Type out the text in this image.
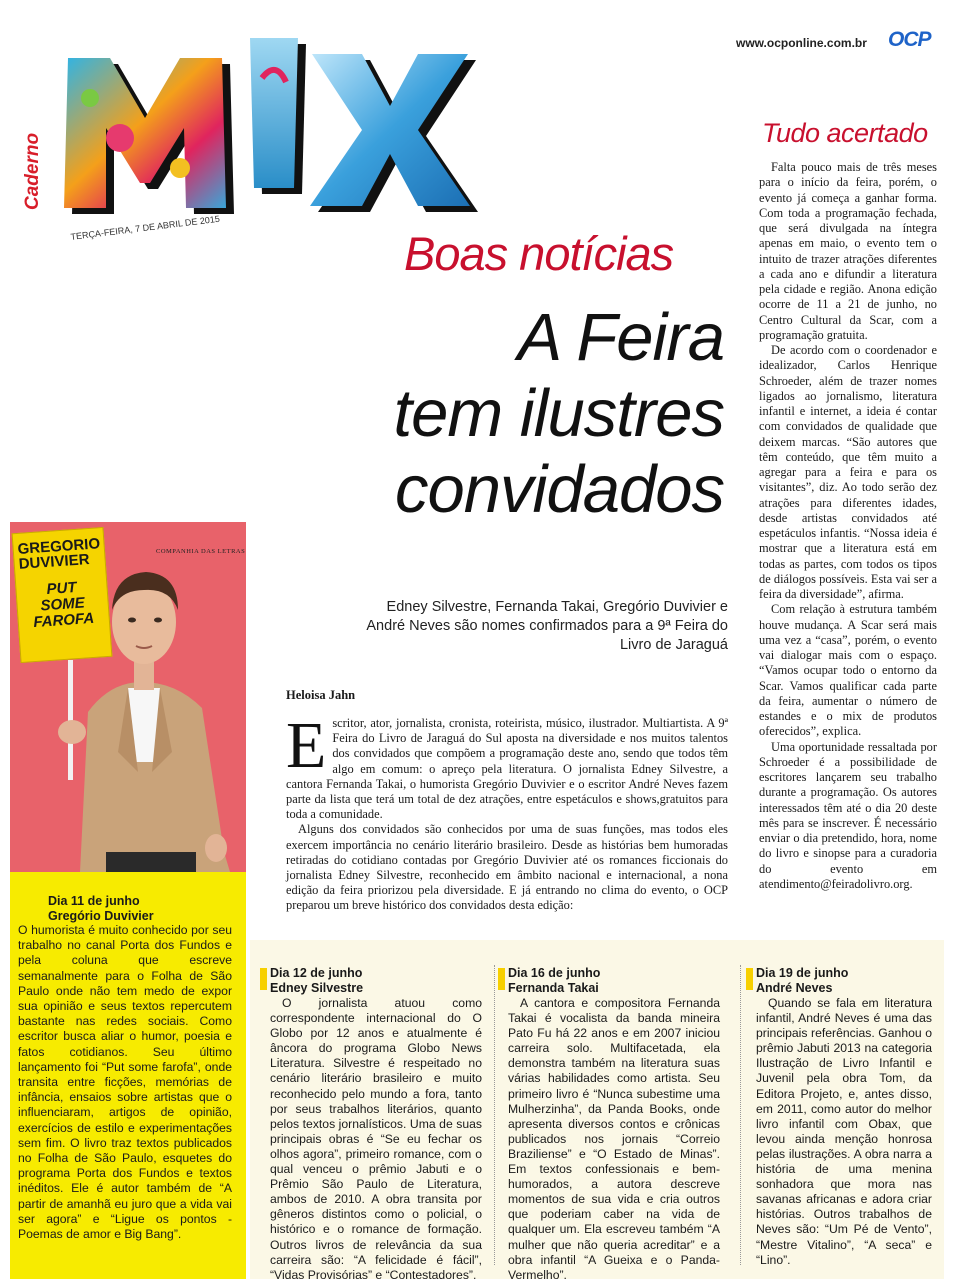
www.ocponline.com.br OCP
Caderno
TERÇA-FEIRA, 7 DE ABRIL DE 2015	Boas notícias
A Feira
tem ilustres
convidados
Edney Silvestre, Fernanda Takai, Gregório Duvivier e André Neves são nomes confirmados para a 9ª Feira do Livro de Jaraguá
Heloisa Jahn

Escritor, ator, jornalista, cronista, roteirista, músico, ilustrador. Multiartista. A 9ª Feira do Livro de Jaraguá do Sul aposta na diversidade e nos muitos talentos dos convidados que compõem a programação deste ano, sendo que todos têm algo em comum: o apreço pela literatura. O jornalista Edney Silvestre, a cantora Fernanda Takai, o humorista Gregório Duvivier e o escritor André Neves fazem parte da lista que terá um total de dez atrações, entre espetáculos e shows,gratuitos para toda a comunidade.

Alguns dos convidados são conhecidos por uma de suas funções, mas todos eles exercem importância no cenário literário brasileiro. Desde as histórias bem humoradas retiradas do cotidiano contadas por Gregório Duvivier até os romances ficcionais do jornalista Edney Silvestre, reconhecido em âmbito nacional e internacional, a nona edição da feira priorizou pela diversidade. E já entrando no clima do evento, o OCP preparou um breve histórico dos convidados desta edição:

Tudo acertado

Falta pouco mais de três meses para o início da feira, porém, o evento já começa a ganhar forma. Com toda a programação fechada, que será divulgada na íntegra apenas em maio, o evento tem o intuito de trazer atrações diferentes a cada ano e difundir a literatura pela cidade e região. Anona edição ocorre de 11 a 21 de junho, no Centro Cultural da Scar, com a programação gratuita.

De acordo com o coordenador e idealizador, Carlos Henrique Schroeder, além de trazer nomes ligados ao jornalismo, literatura infantil e internet, a ideia é contar com convidados de qualidade que deixem marcas. “São autores que têm conteúdo, que têm muito a agregar para a feira e para os visitantes”, diz. Ao todo serão dez atrações para diferentes idades, desde artistas convidados até espetáculos infantis. “Nossa ideia é mostrar que a literatura está em todas as partes, com todos os tipos de diálogos possíveis. Esta vai ser a feira da diversidade”, afirma.

Com relação à estrutura também houve mudança. A Scar será mais uma vez a “casa”, porém, o evento vai dialogar mais com o espaço. “Vamos ocupar todo o entorno da Scar. Vamos qualificar cada parte da feira, aumentar o número de estandes e o mix de produtos oferecidos”, explica.

Uma oportunidade ressaltada por Schroeder é a possibilidade de escritores lançarem seu trabalho durante a programação. Os autores interessados têm até o dia 20 deste mês para se inscrever. É necessário enviar o dia pretendido, hora, nome do livro e sinopse para a curadoria do evento em atendimento@feiradolivro.org.

GREGORIO DUVIVIER
PUT SOME FAROFA
COMPANHIA DAS LETRAS
Dia 11 de junho
Gregório Duvivier
O humorista é muito conhecido por seu trabalho no canal Porta dos Fundos e pela coluna que escreve semanalmente para o Folha de São Paulo onde não tem medo de expor sua opinião e seus textos repercutem bastante nas redes sociais. Como escritor busca aliar o humor, poesia e fatos cotidianos. Seu último lançamento foi “Put some farofa”, onde transita entre ficções, memórias de infância, ensaios sobre artistas que o influenciaram, artigos de opinião, exercícios de estilo e experimentações sem fim. O livro traz textos publicados no Folha de São Paulo, esquetes do programa Porta dos Fundos e textos inéditos. Ele é autor também de “A partir de amanhã eu juro que a vida vai ser agora” e “Ligue os pontos - Poemas de amor e Big Bang”.
Dia 12 de junho
Edney Silvestre
O jornalista atuou como correspondente internacional do O Globo por 12 anos e atualmente é âncora do programa Globo News Literatura. Silvestre é respeitado no cenário literário brasileiro e muito reconhecido pelo mundo a fora, tanto por seus trabalhos literários, quanto pelos textos jornalísticos. Uma de suas principais obras é “Se eu fechar os olhos agora”, primeiro romance, com o qual venceu o prêmio Jabuti e o Prêmio São Paulo de Literatura, ambos de 2010. A obra transita por gêneros distintos como o policial, o histórico e o romance de formação. Outros livros de relevância da sua carreira são: “A felicidade é fácil”, “Vidas Provisórias” e “Contestadores”.
Dia 16 de junho
Fernanda Takai
A cantora e compositora Fernanda Takai é vocalista da banda mineira Pato Fu há 22 anos e em 2007 iniciou carreira solo. Multifacetada, ela demonstra também na literatura suas várias habilidades como artista. Seu primeiro livro é “Nunca subestime uma Mulherzinha”, da Panda Books, onde apresenta diversos contos e crônicas publicados nos jornais “Correio Braziliense” e “O Estado de Minas”. Em textos confessionais e bem-humorados, a autora descreve momentos de sua vida e cria outros que poderiam caber na vida de qualquer um. Ela escreveu também “A mulher que não queria acreditar” e a obra infantil “A Gueixa e o Panda-Vermelho”.
Dia 19 de junho
André Neves
Quando se fala em literatura infantil, André Neves é uma das principais referências. Ganhou o prêmio Jabuti 2013 na categoria Ilustração de Livro Infantil e Juvenil pela obra Tom, da Editora Projeto, e, antes disso, em 2011, como autor do melhor livro infantil com Obax, que levou ainda menção honrosa pelas ilustrações. A obra narra a história de uma menina sonhadora que mora nas savanas africanas e adora criar histórias. Outros trabalhos de Neves são: “Um Pé de Vento”, “Mestre Vitalino”, “A seca” e “Lino”.
